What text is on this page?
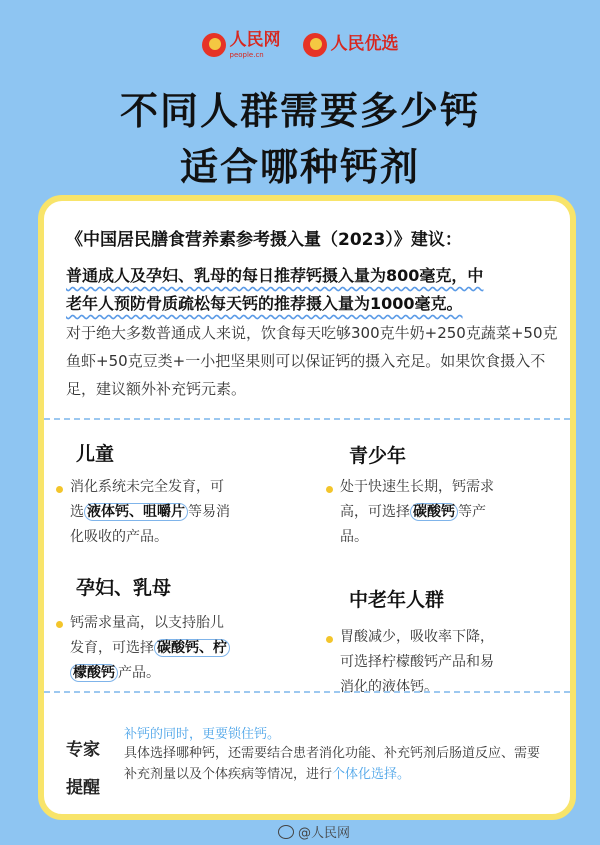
人民网
people.cn
人民优选
不同人群需要多少钙
适合哪种钙剂
《中国居民膳食营养素参考摄入量（2023）》建议：
普通成人及孕妇、乳母的每日推荐钙摄入量为800毫克，中
老年人预防骨质疏松每天钙的推荐摄入量为1000毫克。
对于绝大多数普通成人来说，饮食每天吃够300克牛奶+250克蔬菜+50克鱼虾+50克豆类+一小把坚果则可以保证钙的摄入充足。如果饮食摄入不足，建议额外补充钙元素。
儿童
消化系统未完全发育，可
选 液体钙、咀嚼片 等易消
化吸收的产品。
青少年
处于快速生长期，钙需求
高，可选择 碳酸钙 等产
品。
孕妇、乳母
钙需求量高，以支持胎儿
发育，可选择 碳酸钙、柠
檬酸钙 产品。
中老年人群
胃酸减少，吸收率下降，
可选择柠檬酸钙产品和易
消化的液体钙。
专家
提醒
补钙的同时，更要锁住钙。
具体选择哪种钙，还需要结合患者消化功能、补充钙剂后肠道反应、需要补充剂量以及个体疾病等情况，进行个体化选择。
@人民网
